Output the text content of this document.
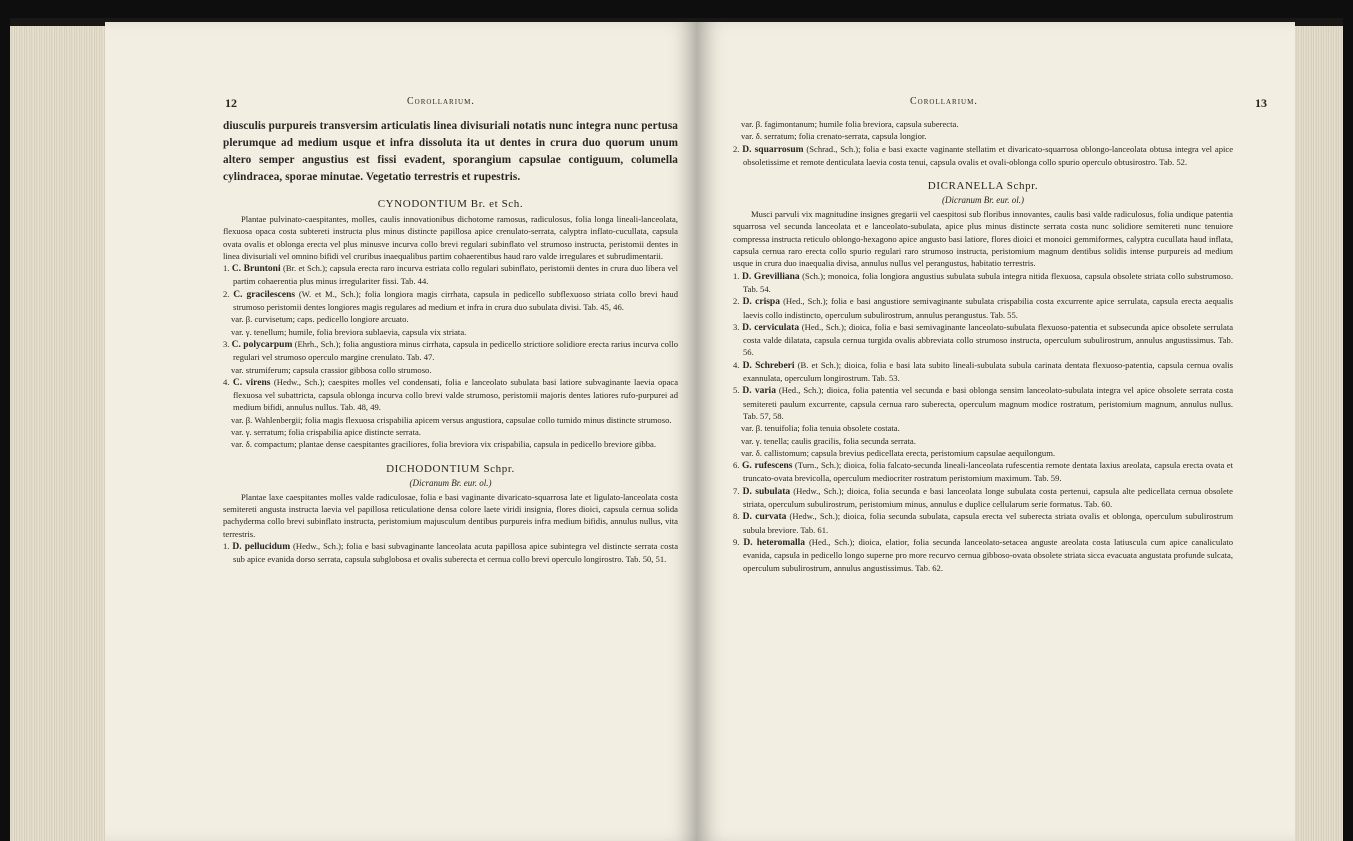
12	Corollarium.

diusculis purpureis transversim articulatis linea divisuriali notatis nunc integra nunc pertusa plerumque ad medium usque et infra dissoluta ita ut dentes in crura duo quorum unum altero semper angustius est fissi evadent, sporangium capsulae contiguum, columella cylindracea, sporae minutae. Vegetatio terrestris et rupestris.

CYNODONTIUM Br. et Sch.

Plantae pulvinato-caespitantes, molles, caulis innovationibus dichotome ramosus, radiculosus, folia longa lineali-lanceolata, flexuosa opaca costa subtereti instructa plus minus distincte papillosa apice crenulato-serrata, calyptra inflato-cucullata, capsula ovata ovalis et oblonga erecta vel plus minusve incurva collo brevi regulari subinflato vel strumoso instructa, peristomii dentes in linea divisuriali vel omnino bifidi vel cruribus inaequalibus partim cohaerentibus haud raro valde irregulares et subrudimentarii.

1. C. Bruntoni (Br. et Sch.); capsula erecta raro incurva estriata collo regulari subinflato, peristomii dentes in crura duo libera vel partim cohaerentia plus minus irregulariter fissi. Tab. 44.

2. C. gracilescens (W. et M., Sch.); folia longiora magis cirrhata, capsula in pedicello subflexuoso striata collo brevi haud strumoso peristomii dentes longiores magis regulares ad medium et infra in crura duo subulata divisi. Tab. 45, 46.

var. β. curvisetum; caps. pedicello longiore arcuato.

var. γ. tenellum; humile, folia breviora sublaevia, capsula vix striata.

3. C. polycarpum (Ehrh., Sch.); folia angustiora minus cirrhata, capsula in pedicello strictiore solidiore erecta rarius incurva collo regulari vel strumoso operculo margine crenulato. Tab. 47.

var. strumiferum; capsula crassior gibbosa collo strumoso.

4. C. virens (Hedw., Sch.); caespites molles vel condensati, folia e lanceolato subulata basi latiore subvaginante laevia opaca flexuosa vel subattricta, capsula oblonga incurva collo brevi valde strumoso, peristomii majoris dentes latiores rufo-purpurei ad medium bifidi, annulus nullus. Tab. 48, 49.

var. β. Wahlenbergii; folia magis flexuosa crispabilia apicem versus angustiora, capsulae collo tumido minus distincte strumoso.

var. γ. serratum; folia crispabilia apice distincte serrata.

var. δ. compactum; plantae dense caespitantes graciliores, folia breviora vix crispabilia, capsula in pedicello breviore gibba.

DICHODONTIUM Schpr.
(Dicranum Br. eur. ol.)

Plantae laxe caespitantes molles valde radiculosae, folia e basi vaginante divaricato-squarrosa late et ligulato-lanceolata costa semitereti angusta instructa laevia vel papillosa reticulatione densa colore laete viridi insignia, flores dioici, capsula cernua solida pachyderma collo brevi subinflato instructa, peristomium majusculum dentibus purpureis infra medium bifidis, annulus nullus, vita terrestris.

1. D. pellucidum (Hedw., Sch.); folia e basi subvaginante lanceolata acuta papillosa apice subintegra vel distincte serrata costa sub apice evanida dorso serrata, capsula subglobosa et ovalis suberecta et cernua collo brevi operculo longirostro. Tab. 50, 51.

Corollarium.	13

var. β. fagimontanum; humile folia breviora, capsula suberecta.

var. δ. serratum; folia crenato-serrata, capsula longior.

2. D. squarrosum (Schrad., Sch.); folia e basi exacte vaginante stellatim et divaricato-squarrosa oblongo-lanceolata obtusa integra vel apice obsoletissime et remote denticulata laevia costa tenui, capsula ovalis et ovali-oblonga collo spurio operculo obtusirostro. Tab. 52.

DICRANELLA Schpr.
(Dicranum Br. eur. ol.)

Musci parvuli vix magnitudine insignes gregarii vel caespitosi sub floribus innovantes, caulis basi valde radiculosus, folia undique patentia squarrosa vel secunda lanceolata et e lanceolato-subulata, apice plus minus distincte serrata costa nunc solidiore semitereti nunc tenuiore compressa instructa reticulo oblongo-hexagono apice angusto basi latiore, flores dioici et monoici gemmiformes, calyptra cucullata haud inflata, capsula cernua raro erecta collo spurio regulari raro strumoso instructa, peristomium magnum dentibus solidis intense purpureis ad medium usque in crura duo inaequalia divisa, annulus nullus vel perangustus, habitatio terrestris.

1. D. Grevilliana (Sch.); monoica, folia longiora angustius subulata subula integra nitida flexuosa, capsula obsolete striata collo substrumoso. Tab. 54.

2. D. crispa (Hed., Sch.); folia e basi angustiore semivaginante subulata crispabilia costa excurrente apice serrulata, capsula erecta aequalis laevis collo indistincto, operculum subulirostrum, annulus perangustus. Tab. 55.

3. D. cerviculata (Hed., Sch.); dioica, folia e basi semivaginante lanceolato-subulata flexuoso-patentia et subsecunda apice obsolete serrulata costa valde dilatata, capsula cernua turgida ovalis abbreviata collo strumoso instructa, operculum subulirostrum, annulus angustissimus. Tab. 56.

4. D. Schreberi (B. et Sch.); dioica, folia e basi lata subito lineali-subulata subula carinata dentata flexuoso-patentia, capsula cernua ovalis exannulata, operculum longirostrum. Tab. 53.

5. D. varia (Hed., Sch.); dioica, folia patentia vel secunda e basi oblonga sensim lanceolato-subulata integra vel apice obsolete serrata costa semitereti paulum excurrente, capsula cernua raro suberecta, operculum magnum modice rostratum, peristomium magnum, annulus nullus. Tab. 57, 58.

var. β. tenuifolia; folia tenuia obsolete costata.

var. γ. tenella; caulis gracilis, folia secunda serrata.

var. δ. callistomum; capsula brevius pedicellata erecta, peristomium capsulae aequilongum.

6. G. rufescens (Turn., Sch.); dioica, folia falcato-secunda lineali-lanceolata rufescentia remote dentata laxius areolata, capsula erecta ovata et truncato-ovata brevicolla, operculum mediocriter rostratum peristomium maximum. Tab. 59.

7. D. subulata (Hedw., Sch.); dioica, folia secunda e basi lanceolata longe subulata costa pertenui, capsula alte pedicellata cernua obsolete striata, operculum subulirostrum, peristomium minus, annulus e duplice cellularum serie formatus. Tab. 60.

8. D. curvata (Hedw., Sch.); dioica, folia secunda subulata, capsula erecta vel suberecta striata ovalis et oblonga, operculum subulirostrum subula breviore. Tab. 61.

9. D. heteromalla (Hed., Sch.); dioica, elatior, folia secunda lanceolato-setacea anguste areolata costa latiuscula cum apice canaliculato evanida, capsula in pedicello longo superne pro more recurvo cernua gibboso-ovata obsolete striata sicca evacuata angustata profunde sulcata, operculum subulirostrum, annulus angustissimus. Tab. 62.
